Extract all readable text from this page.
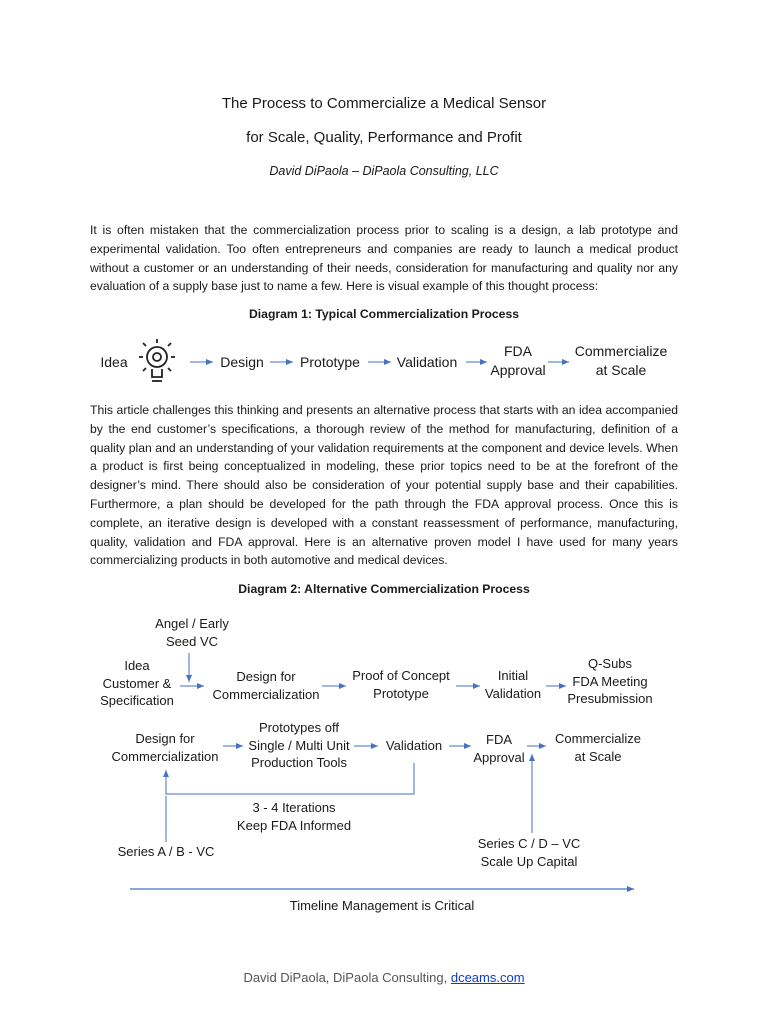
The Process to Commercialize a Medical Sensor
for Scale, Quality, Performance and Profit
David DiPaola – DiPaola Consulting, LLC
It is often mistaken that the commercialization process prior to scaling is a design, a lab prototype and experimental validation. Too often entrepreneurs and companies are ready to launch a medical product without a customer or an understanding of their needs, consideration for manufacturing and quality nor any evaluation of a supply base just to name a few. Here is visual example of this thought process:
Diagram 1: Typical Commercialization Process
Idea	Design	Prototype	Validation
FDA
Approval
Commercialize
at Scale
This article challenges this thinking and presents an alternative process that starts with an idea accompanied by the end customer’s specifications, a thorough review of the method for manufacturing, definition of a quality plan and an understanding of your validation requirements at the component and device levels. When a product is first being conceptualized in modeling, these prior topics need to be at the forefront of the designer’s mind. There should also be consideration of your potential supply base and their capabilities. Furthermore, a plan should be developed for the path through the FDA approval process. Once this is complete, an iterative design is developed with a constant reassessment of performance, manufacturing, quality, validation and FDA approval. Here is an alternative proven model I have used for many years commercializing products in both automotive and medical devices.
Diagram 2: Alternative Commercialization Process
Angel / Early
Seed VC
Idea
Customer &
Specification
Design for
Commercialization
Proof of Concept
Prototype
Initial
Validation
Q-Subs
FDA Meeting
Presubmission
Design for
Commercialization
Prototypes off
Single / Multi Unit
Production Tools
Validation	FDA
Approval
Commercialize
at Scale
3 - 4 Iterations
Keep FDA Informed
Series A / B - VC
Series C / D – VC
Scale Up Capital
Timeline Management is Critical
David DiPaola, DiPaola Consulting, dceams.com
